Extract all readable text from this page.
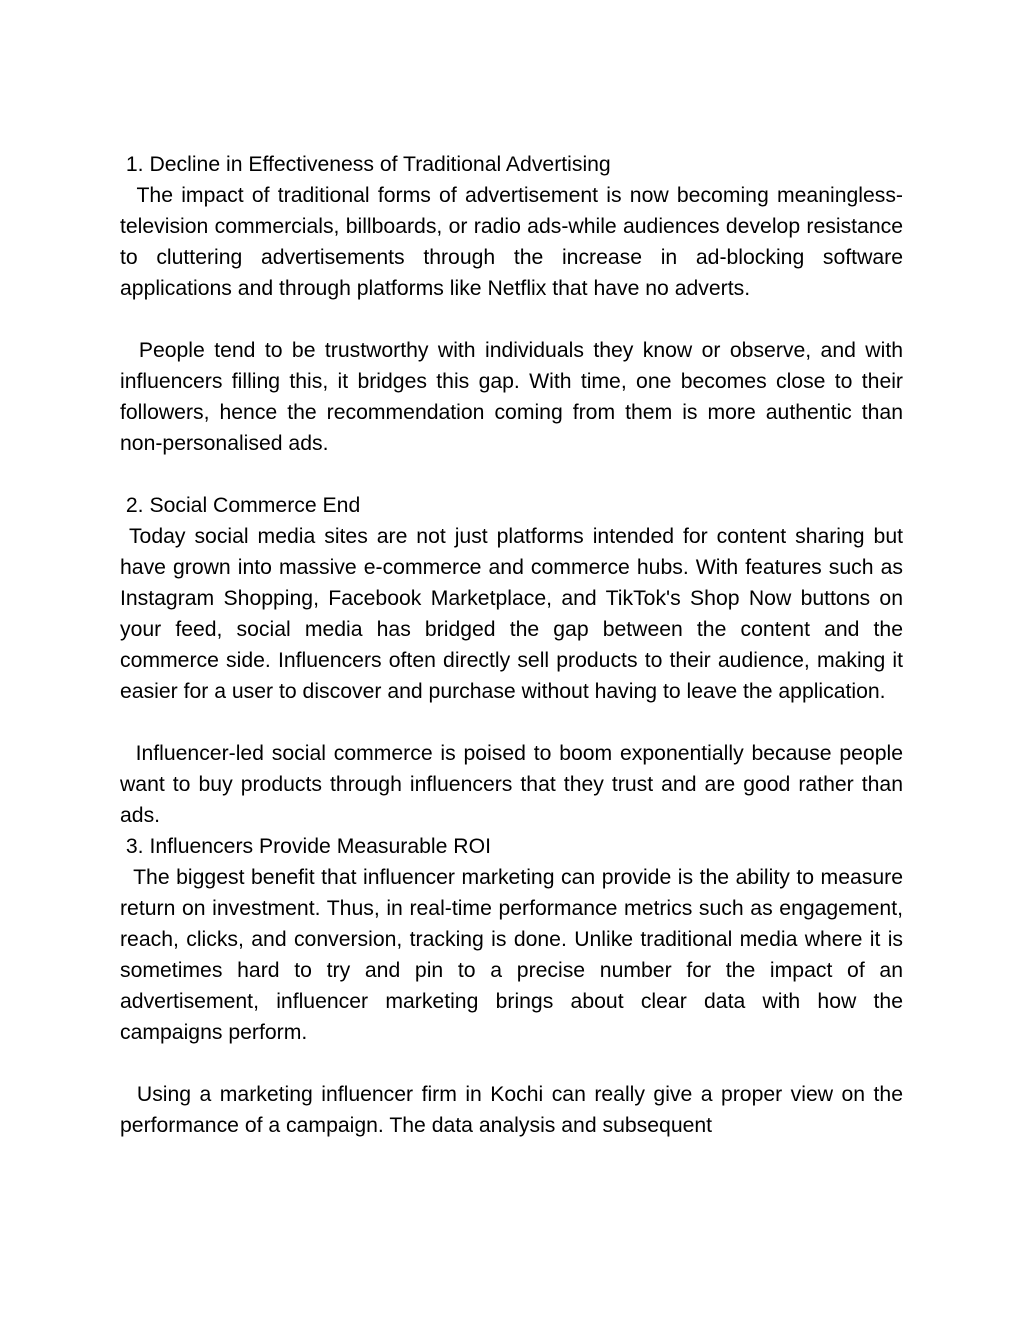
1. Decline in Effectiveness of Traditional Advertising

The impact of traditional forms of advertisement is now becoming meaningless-television commercials, billboards, or radio ads-while audiences develop resistance to cluttering advertisements through the increase in ad-blocking software applications and through platforms like Netflix that have no adverts.

People tend to be trustworthy with individuals they know or observe, and with influencers filling this, it bridges this gap. With time, one becomes close to their followers, hence the recommendation coming from them is more authentic than non-personalised ads.

2. Social Commerce End

Today social media sites are not just platforms intended for content sharing but have grown into massive e-commerce and commerce hubs. With features such as Instagram Shopping, Facebook Marketplace, and TikTok's Shop Now buttons on your feed, social media has bridged the gap between the content and the commerce side. Influencers often directly sell products to their audience, making it easier for a user to discover and purchase without having to leave the application.

Influencer-led social commerce is poised to boom exponentially because people want to buy products through influencers that they trust and are good rather than ads.

3. Influencers Provide Measurable ROI

The biggest benefit that influencer marketing can provide is the ability to measure return on investment. Thus, in real-time performance metrics such as engagement, reach, clicks, and conversion, tracking is done. Unlike traditional media where it is sometimes hard to try and pin to a precise number for the impact of an advertisement, influencer marketing brings about clear data with how the campaigns perform.

Using a marketing influencer firm in Kochi can really give a proper view on the performance of a campaign. The data analysis and subsequent
